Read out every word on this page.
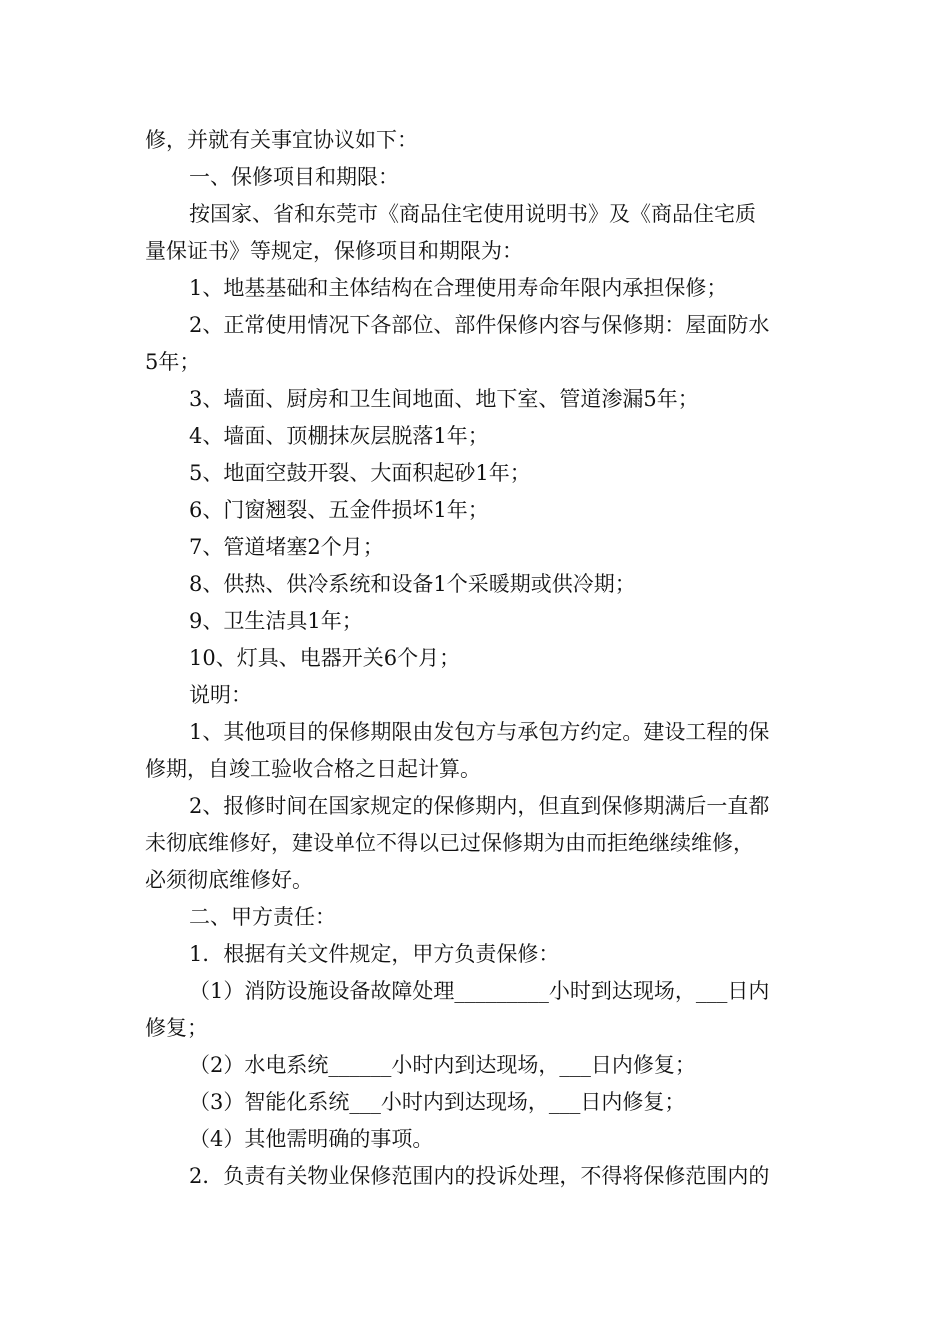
修，并就有关事宜协议如下：
一、保修项目和期限：
按国家、省和东莞市《商品住宅使用说明书》及《商品住宅质
量保证书》等规定，保修项目和期限为：
1、地基基础和主体结构在合理使用寿命年限内承担保修；
2、正常使用情况下各部位、部件保修内容与保修期：屋面防水
5年；
3、墙面、厨房和卫生间地面、地下室、管道渗漏5年；
4、墙面、顶棚抹灰层脱落1年；
5、地面空鼓开裂、大面积起砂1年；
6、门窗翘裂、五金件损坏1年；
7、管道堵塞2个月；
8、供热、供冷系统和设备1个采暖期或供冷期；
9、卫生洁具1年；
10、灯具、电器开关6个月；
说明：
1、其他项目的保修期限由发包方与承包方约定。建设工程的保
修期，自竣工验收合格之日起计算。
2、报修时间在国家规定的保修期内，但直到保修期满后一直都
未彻底维修好，建设单位不得以已过保修期为由而拒绝继续维修，
必须彻底维修好。
二、甲方责任：
1．根据有关文件规定，甲方负责保修：
（1）消防设施设备故障处理_________小时到达现场，___日内
修复；
（2）水电系统______小时内到达现场，___日内修复；
（3）智能化系统___小时内到达现场，___日内修复；
（4）其他需明确的事项。
2．负责有关物业保修范围内的投诉处理，不得将保修范围内的
